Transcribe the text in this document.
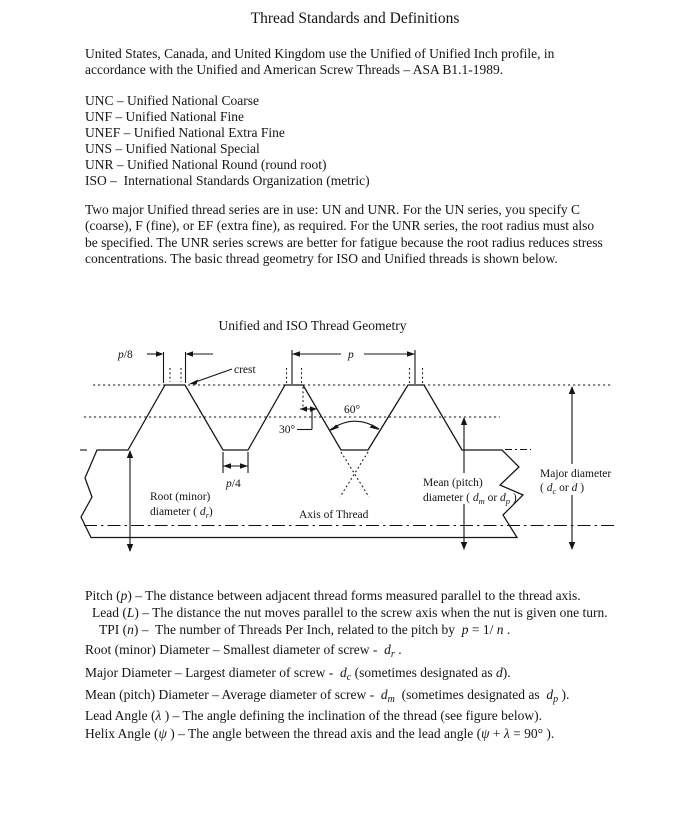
Thread Standards and Definitions
United States, Canada, and United Kingdom use the Unified of Unified Inch profile, in
accordance with the Unified and American Screw Threads – ASA B1.1-1989.
UNC – Unified National Coarse
UNF – Unified National Fine
UNEF – Unified National Extra Fine
UNS – Unified National Special
UNR – Unified National Round (round root)
ISO –  International Standards Organization (metric)
Two major Unified thread series are in use: UN and UNR. For the UN series, you specify C
(coarse), F (fine), or EF (extra fine), as required. For the UNR series, the root radius must also
be specified. The UNR series screws are better for fatigue because the root radius reduces stress
concentrations. The basic thread geometry for ISO and Unified threads is shown below.
Unified and ISO Thread Geometry
p/8
crest
p
60°
30°
p/4
Root (minor)
diameter ( $d_r$)
Mean (pitch)
diameter ( $d_m$ or $d_p$ )
Major diameter
( $d_c$ or d )
Axis of Thread
Pitch (p) – The distance between adjacent thread forms measured parallel to the thread axis.
Lead (L) – The distance the nut moves parallel to the screw axis when the nut is given one turn.
TPI (n) –  The number of Threads Per Inch, related to the pitch by  p = 1/ n .
Root (minor) Diameter – Smallest diameter of screw -  $d_r$ .
Major Diameter – Largest diameter of screw -  $d_c$ (sometimes designated as d).
Mean (pitch) Diameter – Average diameter of screw -  $d_m$  (sometimes designated as  $d_p$ ).
Lead Angle (λ ) – The angle defining the inclination of the thread (see figure below).
Helix Angle (ψ ) – The angle between the thread axis and the lead angle (ψ + λ = 90° ).
